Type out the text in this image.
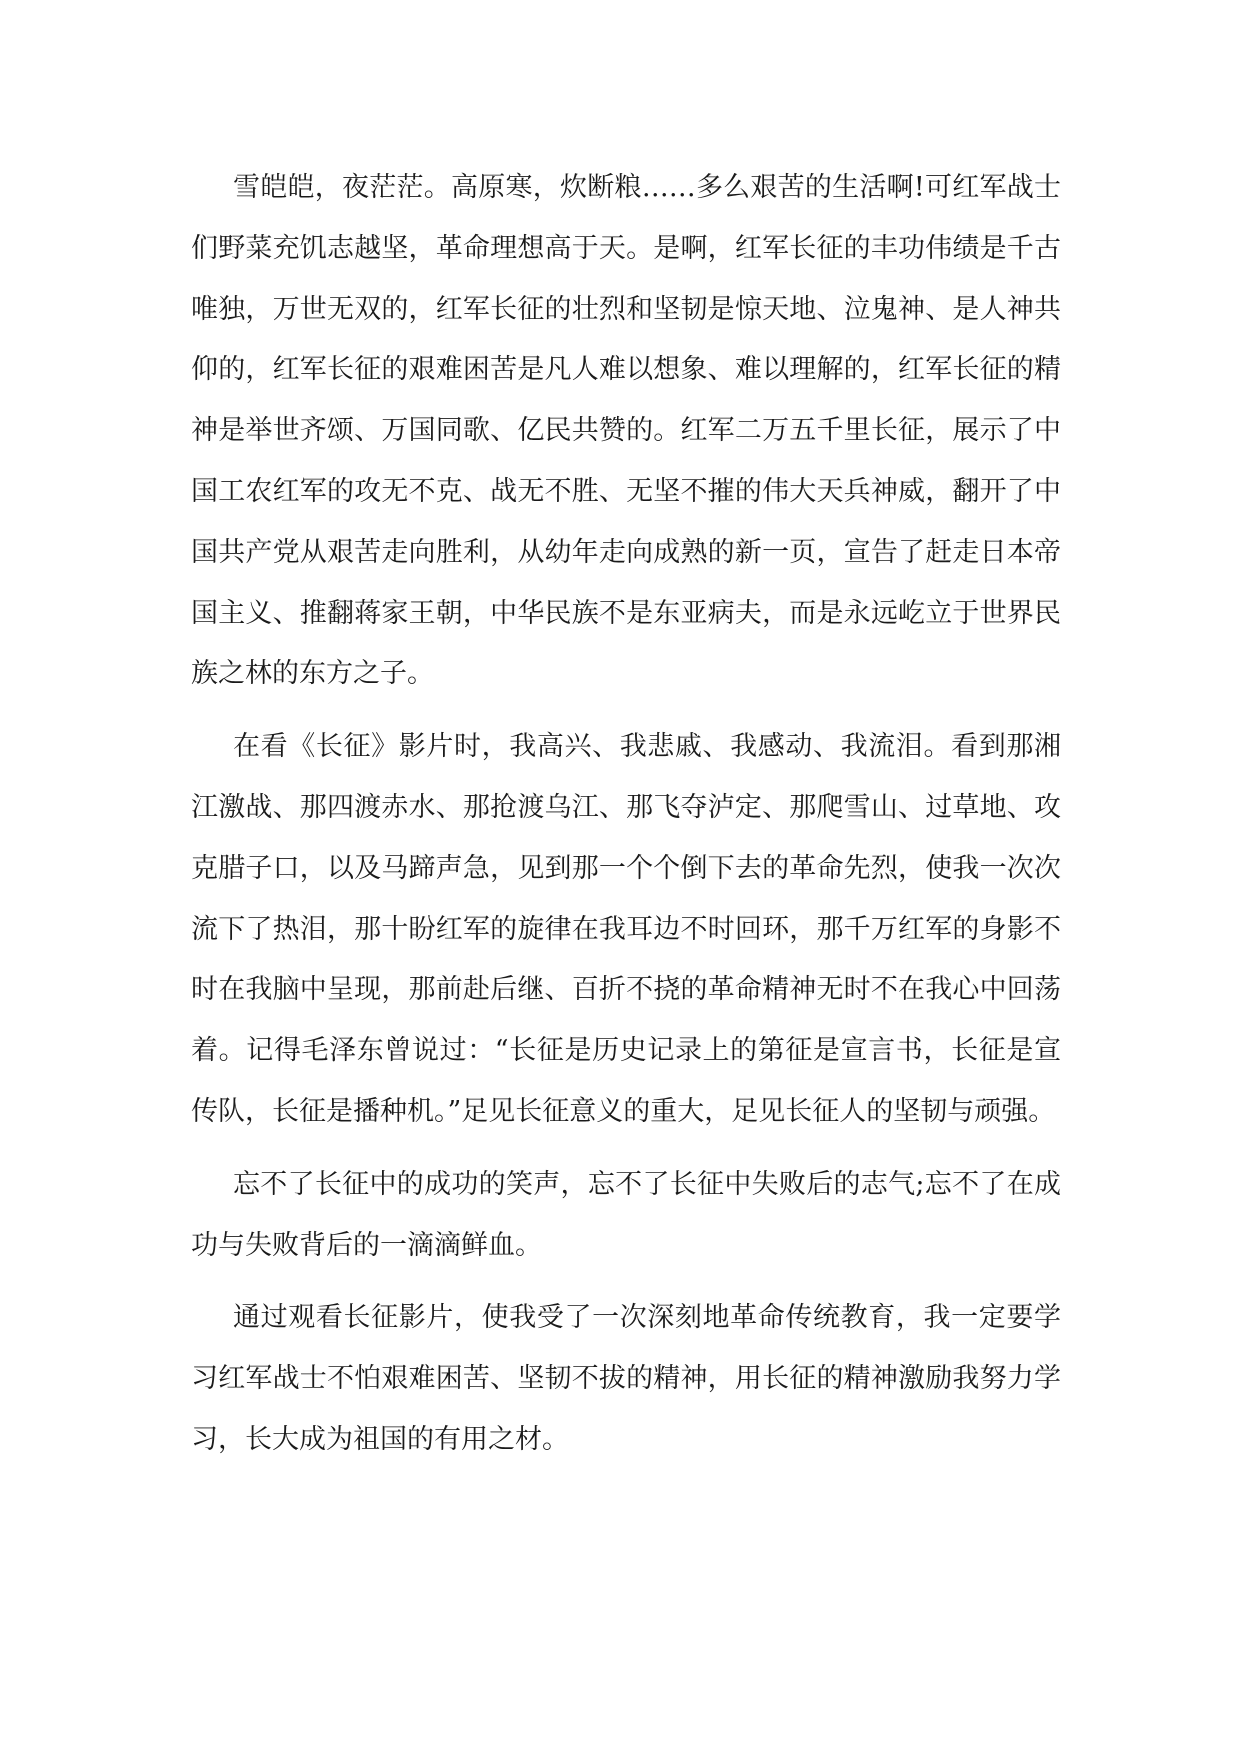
雪皑皑，夜茫茫。高原寒，炊断粮……多么艰苦的生活啊!可红军战士们野菜充饥志越坚，革命理想高于天。是啊，红军长征的丰功伟绩是千古唯独，万世无双的，红军长征的壮烈和坚韧是惊天地、泣鬼神、是人神共仰的，红军长征的艰难困苦是凡人难以想象、难以理解的，红军长征的精神是举世齐颂、万国同歌、亿民共赞的。红军二万五千里长征，展示了中国工农红军的攻无不克、战无不胜、无坚不摧的伟大天兵神威，翻开了中国共产党从艰苦走向胜利，从幼年走向成熟的新一页，宣告了赶走日本帝国主义、推翻蒋家王朝，中华民族不是东亚病夫，而是永远屹立于世界民族之林的东方之子。

在看《长征》影片时，我高兴、我悲戚、我感动、我流泪。看到那湘江激战、那四渡赤水、那抢渡乌江、那飞夺泸定、那爬雪山、过草地、攻克腊子口，以及马蹄声急，见到那一个个倒下去的革命先烈，使我一次次流下了热泪，那十盼红军的旋律在我耳边不时回环，那千万红军的身影不时在我脑中呈现，那前赴后继、百折不挠的革命精神无时不在我心中回荡着。记得毛泽东曾说过：“长征是历史记录上的第征是宣言书，长征是宣传队，长征是播种机。”足见长征意义的重大，足见长征人的坚韧与顽强。

忘不了长征中的成功的笑声，忘不了长征中失败后的志气;忘不了在成功与失败背后的一滴滴鲜血。

通过观看长征影片，使我受了一次深刻地革命传统教育，我一定要学习红军战士不怕艰难困苦、坚韧不拔的精神，用长征的精神激励我努力学习，长大成为祖国的有用之材。
